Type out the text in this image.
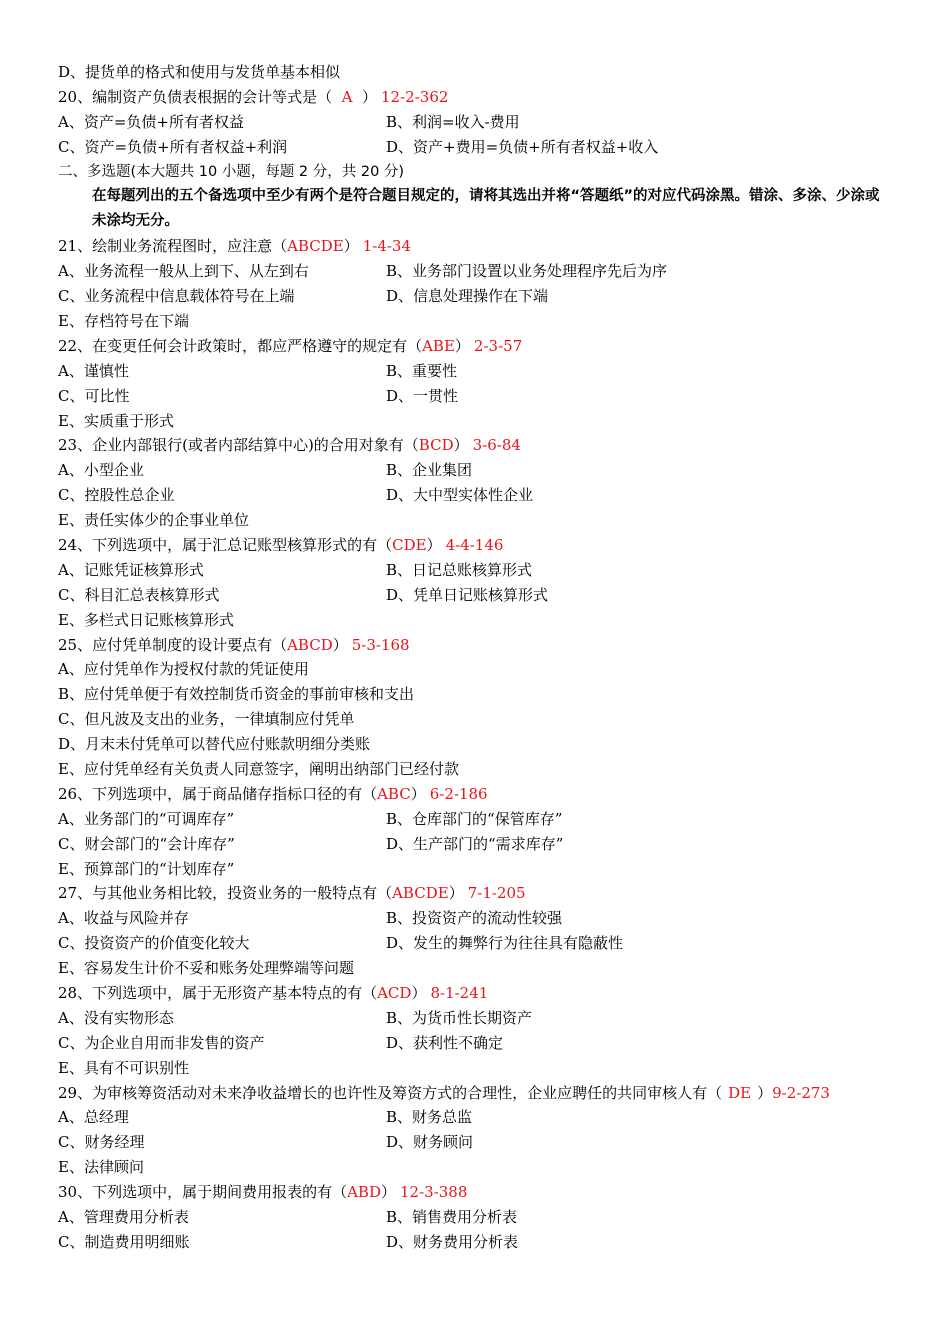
D、提货单的格式和使用与发货单基本相似
20、编制资产负债表根据的会计等式是（  A  ） 12-2-362
A、资产=负债+所有者权益	B、利润=收入-费用
C、资产=负债+所有者权益+利润	D、资产+费用=负债+所有者权益+收入
二、多选题(本大题共 10 小题，每题 2 分，共 20 分)
在每题列出的五个备选项中至少有两个是符合题目规定的，请将其选出并将“答题纸”的对应代码涂黑。错涂、多涂、少涂或未涂均无分。
21、绘制业务流程图时，应注意（ABCDE） 1-4-34
A、业务流程一般从上到下、从左到右	B、业务部门设置以业务处理程序先后为序
C、业务流程中信息载体符号在上端	D、信息处理操作在下端
E、存档符号在下端
22、在变更任何会计政策时，都应严格遵守的规定有（ABE） 2-3-57
A、谨慎性	B、重要性
C、可比性	D、一贯性
E、实质重于形式
23、企业内部银行(或者内部结算中心)的合用对象有（BCD） 3-6-84
A、小型企业	B、企业集团
C、控股性总企业	D、大中型实体性企业
E、责任实体少的企事业单位
24、下列选项中，属于汇总记账型核算形式的有（CDE） 4-4-146
A、记账凭证核算形式	B、日记总账核算形式
C、科目汇总表核算形式	D、凭单日记账核算形式
E、多栏式日记账核算形式
25、应付凭单制度的设计要点有（ABCD） 5-3-168
A、应付凭单作为授权付款的凭证使用
B、应付凭单便于有效控制货币资金的事前审核和支出
C、但凡波及支出的业务，一律填制应付凭单
D、月末未付凭单可以替代应付账款明细分类账
E、应付凭单经有关负责人同意签字，阐明出纳部门已经付款
26、下列选项中，属于商品储存指标口径的有（ABC） 6-2-186
A、业务部门的“可调库存”	B、仓库部门的“保管库存”
C、财会部门的“会计库存”	D、生产部门的“需求库存”
E、预算部门的“计划库存”
27、与其他业务相比较，投资业务的一般特点有（ABCDE） 7-1-205
A、收益与风险并存	B、投资资产的流动性较强
C、投资资产的价值变化较大	D、发生的舞弊行为往往具有隐蔽性
E、容易发生计价不妥和账务处理弊端等问题
28、下列选项中，属于无形资产基本特点的有（ACD） 8-1-241
A、没有实物形态	B、为货币性长期资产
C、为企业自用而非发售的资产	D、获利性不确定
E、具有不可识别性
29、为审核筹资活动对未来净收益增长的也许性及筹资方式的合理性，企业应聘任的共同审核人有（ DE ）9-2-273
A、总经理	B、财务总监
C、财务经理	D、财务顾问
E、法律顾问
30、下列选项中，属于期间费用报表的有（ABD） 12-3-388
A、管理费用分析表	B、销售费用分析表
C、制造费用明细账	D、财务费用分析表
